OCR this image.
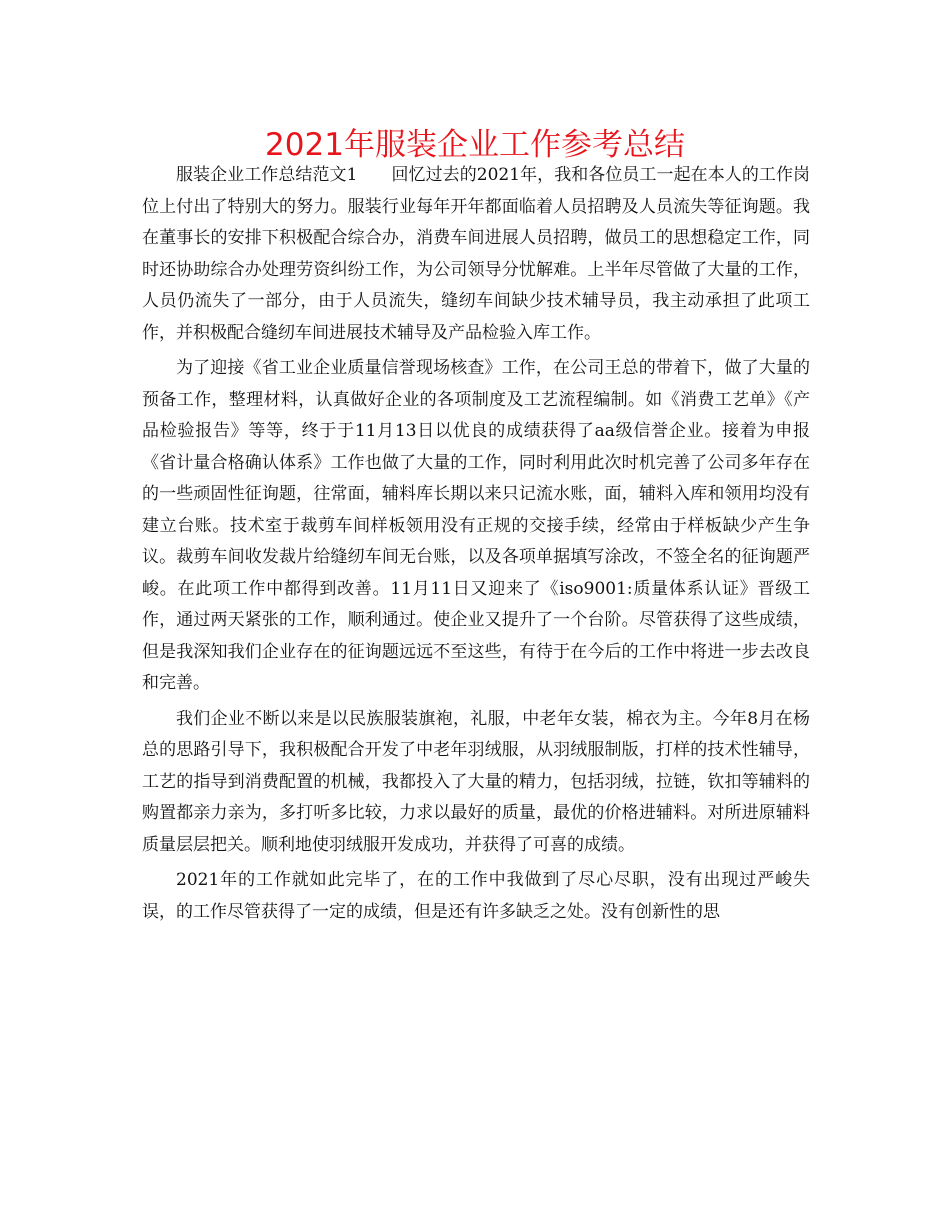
2021年服装企业工作参考总结

服装企业工作总结范文1 回忆过去的2021年，我和各位员工一起在本人的工作岗位上付出了特别大的努力。服装行业每年开年都面临着人员招聘及人员流失等征询题。我在董事长的安排下积极配合综合办，消费车间进展人员招聘，做员工的思想稳定工作，同时还协助综合办处理劳资纠纷工作，为公司领导分忧解难。上半年尽管做了大量的工作，人员仍流失了一部分，由于人员流失，缝纫车间缺少技术辅导员，我主动承担了此项工作，并积极配合缝纫车间进展技术辅导及产品检验入库工作。

为了迎接《省工业企业质量信誉现场核查》工作，在公司王总的带着下，做了大量的预备工作，整理材料，认真做好企业的各项制度及工艺流程编制。如《消费工艺单》《产品检验报告》等等，终于于11月13日以优良的成绩获得了aa级信誉企业。接着为申报《省计量合格确认体系》工作也做了大量的工作，同时利用此次时机完善了公司多年存在的一些顽固性征询题，往常面，辅料库长期以来只记流水账，面，辅料入库和领用均没有建立台账。技术室于裁剪车间样板领用没有正规的交接手续，经常由于样板缺少产生争议。裁剪车间收发裁片给缝纫车间无台账，以及各项单据填写涂改，不签全名的征询题严峻。在此项工作中都得到改善。11月11日又迎来了《iso9001:质量体系认证》晋级工作，通过两天紧张的工作，顺利通过。使企业又提升了一个台阶。尽管获得了这些成绩，但是我深知我们企业存在的征询题远远不至这些，有待于在今后的工作中将进一步去改良和完善。

我们企业不断以来是以民族服装旗袍，礼服，中老年女装，棉衣为主。今年8月在杨总的思路引导下，我积极配合开发了中老年羽绒服，从羽绒服制版，打样的技术性辅导，工艺的指导到消费配置的机械，我都投入了大量的精力，包括羽绒，拉链，钦扣等辅料的购置都亲力亲为，多打听多比较，力求以最好的质量，最优的价格进辅料。对所进原辅料质量层层把关。顺利地使羽绒服开发成功，并获得了可喜的成绩。

2021年的工作就如此完毕了，在的工作中我做到了尽心尽职，没有出现过严峻失误，的工作尽管获得了一定的成绩，但是还有许多缺乏之处。没有创新性的思
